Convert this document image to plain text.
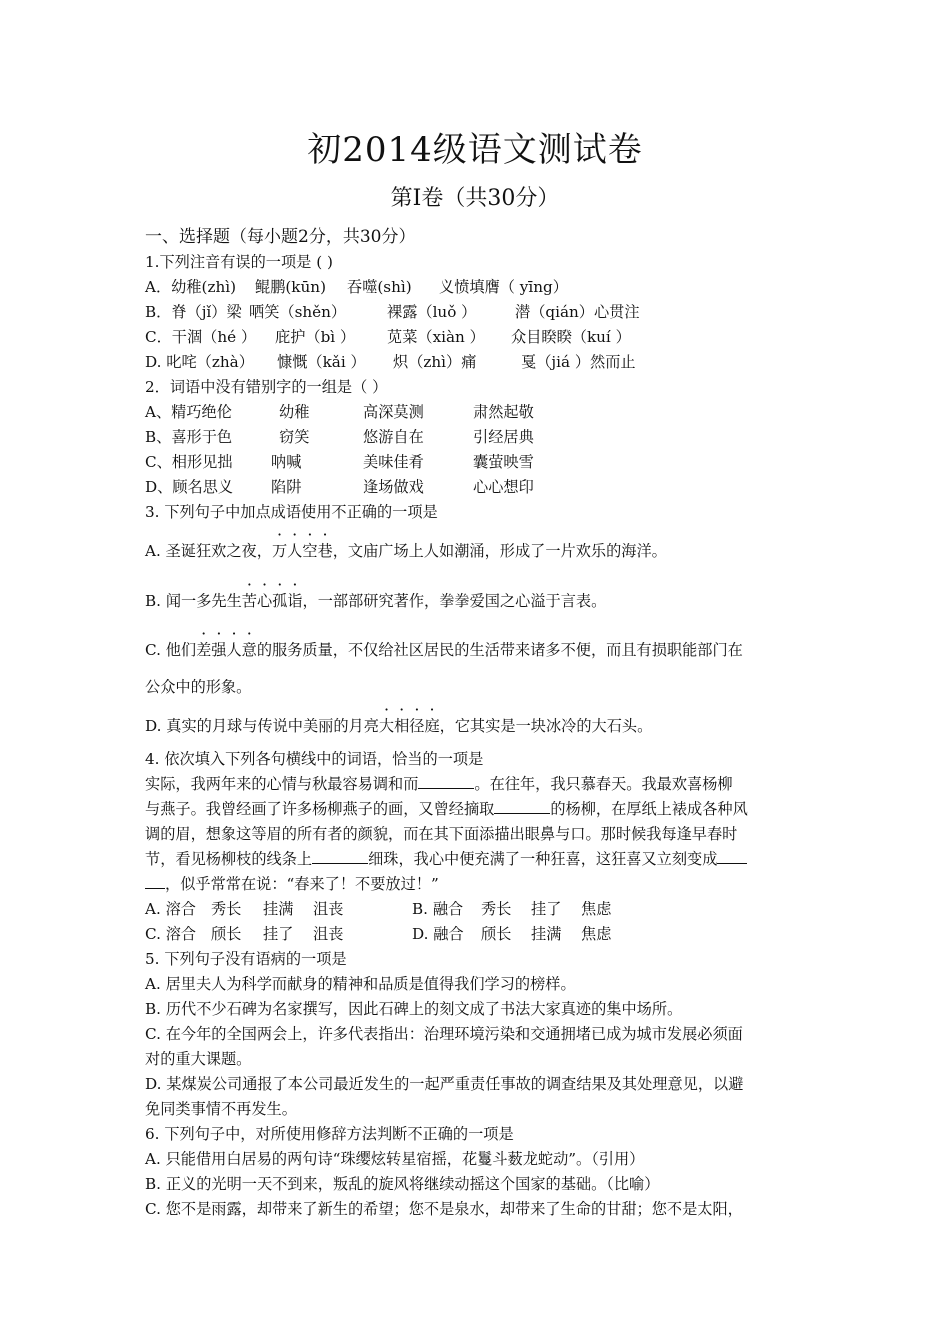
初2014级语文测试卷
第Ⅰ卷（共30分）
一、选择题（每小题2分，共30分）
1.下列注音有误的一项是 ( )
A．幼稚(zhì) 鲲鹏(kūn) 吞噬(shì) 义愤填膺（ yīng）
B．脊（jǐ）梁 哂笑（shěn）	裸露（luǒ ）	潜（qián）心贯注
C．干涸（hé ） 庇护（bì ） 苋菜（xiàn ） 众目睽睽（kuí ）
D. 叱咤（zhà） 慷慨（kǎi ） 炽（zhì）痛	戛（jiá ）然而止
2．词语中没有错别字的一组是（ ）
A、精巧绝伦	幼稚	高深莫测	肃然起敬
B、喜形于色	窃笑	悠游自在	引经居典
C、相形见拙	呐喊	美味佳肴	囊萤映雪
D、顾名思义 陷阱	逢场做戏	心心想印
3. 下列句子中加点成语使用不正确的一项是
A. 圣诞狂欢之夜，万人空巷，文庙广场上人如潮涌，形成了一片欢乐的海洋。
B. 闻一多先生苦心孤诣，一部部研究著作，拳拳爱国之心溢于言表。
C. 他们差强人意的服务质量，不仅给社区居民的生活带来诸多不便，而且有损职能部门在
公众中的形象。
D. 真实的月球与传说中美丽的月亮大相径庭，它其实是一块冰冷的大石头。
4. 依次填入下列各句横线中的词语，恰当的一项是
实际，我两年来的心情与秋最容易调和而	。在往年，我只慕春天。我最欢喜杨柳
与燕子。我曾经画了许多杨柳燕子的画，又曾经摘取	的杨柳，在厚纸上裱成各种风
调的眉，想象这等眉的所有者的颜貌，而在其下面添描出眼鼻与口。那时候我每逢早春时
节，看见杨柳枝的线条上	细珠，我心中便充满了一种狂喜，这狂喜又立刻变成
，似乎常常在说：“春来了！不要放过！”
A. 溶合 秀长 挂满 沮丧	B. 融合 秀长 挂了 焦虑
C. 溶合 颀长 挂了 沮丧	D. 融合 颀长 挂满 焦虑
5. 下列句子没有语病的一项是
A. 居里夫人为科学而献身的精神和品质是值得我们学习的榜样。
B. 历代不少石碑为名家撰写，因此石碑上的刻文成了书法大家真迹的集中场所。
C. 在今年的全国两会上，许多代表指出：治理环境污染和交通拥堵已成为城市发展必须面
对的重大课题。
D. 某煤炭公司通报了本公司最近发生的一起严重责任事故的调查结果及其处理意见，以避
免同类事情不再发生。
6. 下列句子中，对所使用修辞方法判断不正确的一项是
A. 只能借用白居易的两句诗“珠缨炫转星宿摇，花鬘斗薮龙蛇动”。（引用）
B. 正义的光明一天不到来，叛乱的旋风将继续动摇这个国家的基础。（比喻）
C. 您不是雨露，却带来了新生的希望；您不是泉水，却带来了生命的甘甜；您不是太阳，
